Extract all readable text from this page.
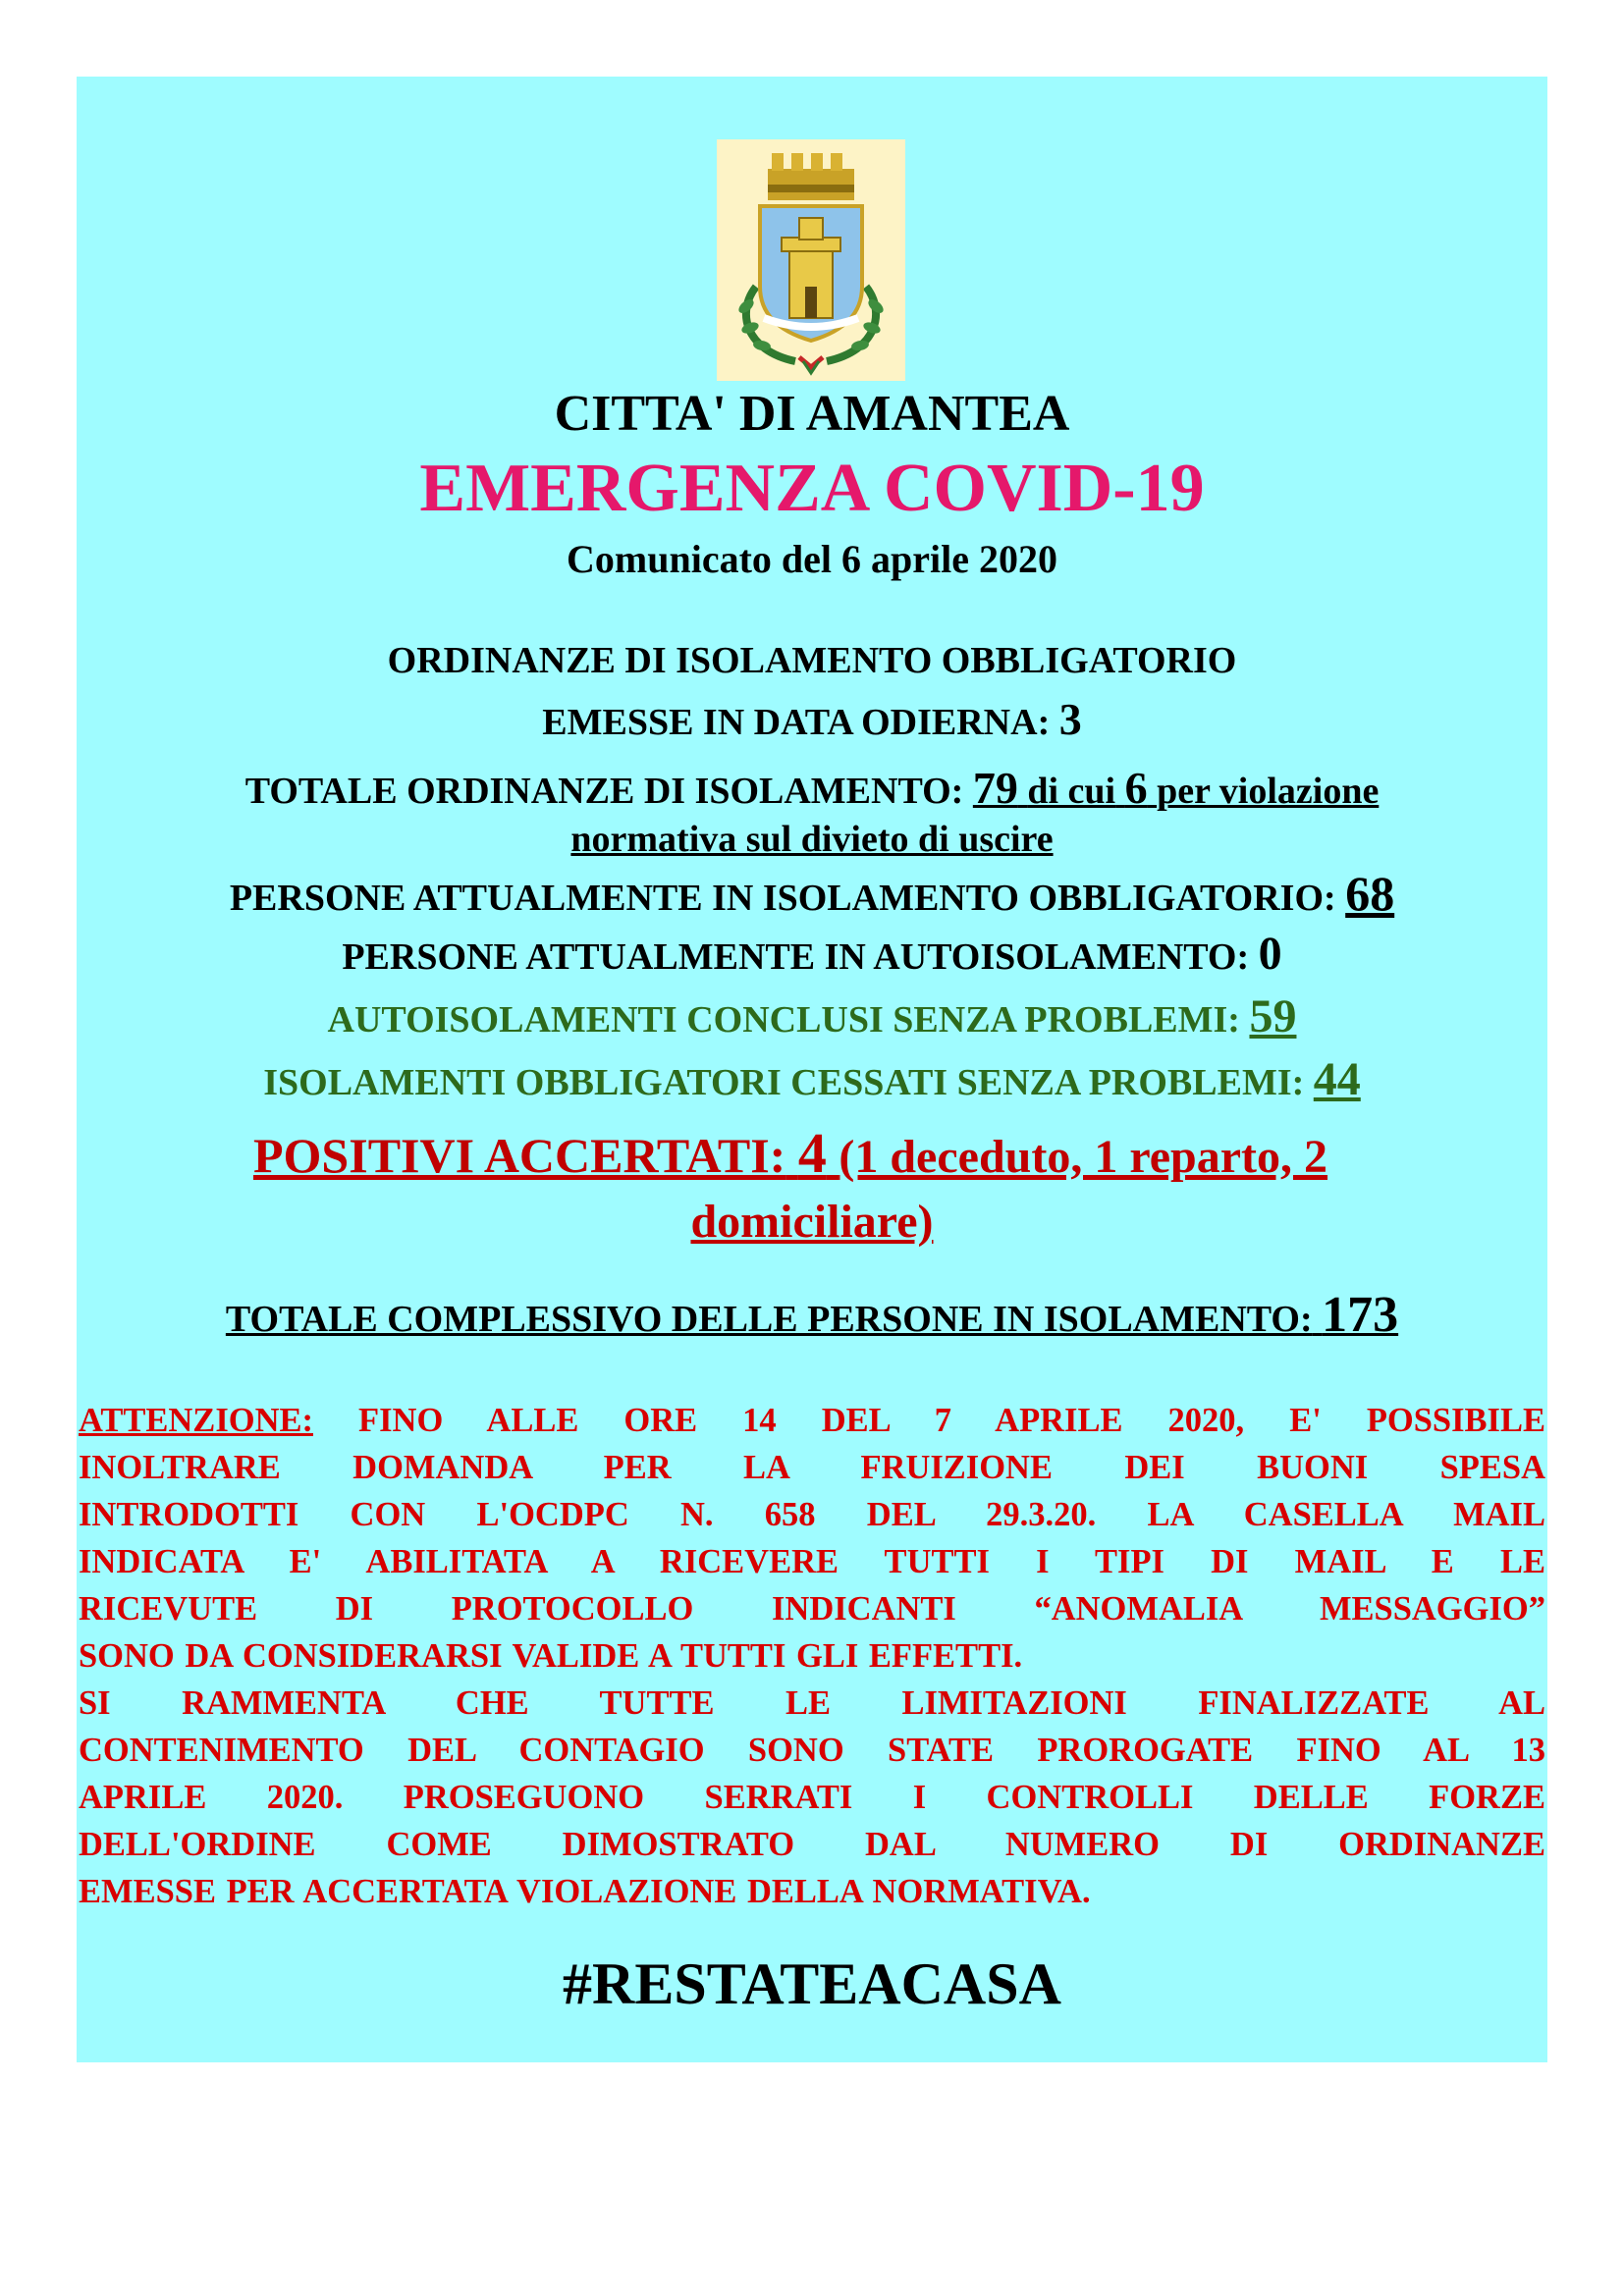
CITTA' DI AMANTEA

EMERGENZA COVID-19

Comunicato del 6 aprile 2020

ORDINANZE DI ISOLAMENTO OBBLIGATORIO

EMESSE IN DATA ODIERNA: 3

TOTALE ORDINANZE DI ISOLAMENTO: 79 di cui 6 per violazione

normativa sul divieto di uscire

PERSONE ATTUALMENTE IN ISOLAMENTO OBBLIGATORIO: 68

PERSONE ATTUALMENTE IN AUTOISOLAMENTO: 0

AUTOISOLAMENTI CONCLUSI SENZA PROBLEMI: 59

ISOLAMENTI OBBLIGATORI CESSATI SENZA PROBLEMI: 44

POSITIVI ACCERTATI: 4 (1 deceduto, 1 reparto, 2

domiciliare)

TOTALE COMPLESSIVO DELLE PERSONE IN ISOLAMENTO: 173

ATTENZIONE: FINO ALLE ORE 14 DEL 7 APRILE 2020, E' POSSIBILE

INOLTRARE DOMANDA PER LA FRUIZIONE DEI BUONI SPESA

INTRODOTTI CON L'OCDPC N. 658 DEL 29.3.20. LA CASELLA MAIL

INDICATA E' ABILITATA A RICEVERE TUTTI I TIPI DI MAIL E LE

RICEVUTE DI PROTOCOLLO INDICANTI “ANOMALIA MESSAGGIO”

SONO DA CONSIDERARSI VALIDE A TUTTI GLI EFFETTI.

SI RAMMENTA CHE TUTTE LE LIMITAZIONI FINALIZZATE AL

CONTENIMENTO DEL CONTAGIO SONO STATE PROROGATE FINO AL 13

APRILE 2020. PROSEGUONO SERRATI I CONTROLLI DELLE FORZE

DELL'ORDINE COME DIMOSTRATO DAL NUMERO DI ORDINANZE

EMESSE PER ACCERTATA VIOLAZIONE DELLA NORMATIVA.

#RESTATEACASA
